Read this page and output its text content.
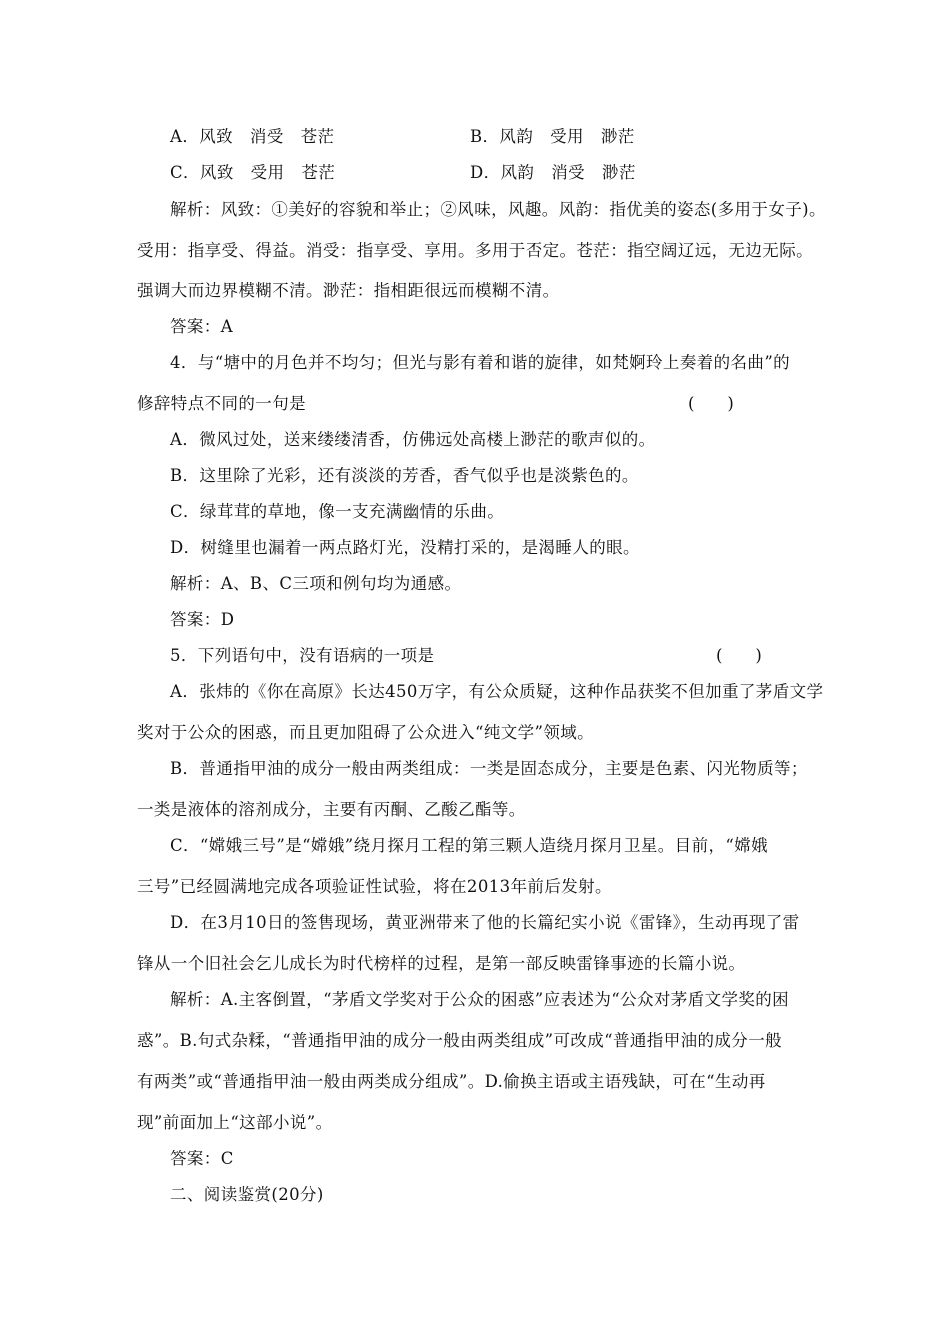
A．风致　消受　苍茫	B．风韵　受用　渺茫
C．风致　受用　苍茫	D．风韵　消受　渺茫
解析：风致：①美好的容貌和举止；②风味，风趣。风韵：指优美的姿态(多用于女子)。
受用：指享受、得益。消受：指享受、享用。多用于否定。苍茫：指空阔辽远，无边无际。
强调大而边界模糊不清。渺茫：指相距很远而模糊不清。
答案：A
4．与“塘中的月色并不均匀；但光与影有着和谐的旋律，如梵婀玲上奏着的名曲”的
修辞特点不同的一句是	(　　)
A．微风过处，送来缕缕清香，仿佛远处高楼上渺茫的歌声似的。
B．这里除了光彩，还有淡淡的芳香，香气似乎也是淡紫色的。
C．绿茸茸的草地，像一支充满幽情的乐曲。
D．树缝里也漏着一两点路灯光，没精打采的，是渴睡人的眼。
解析：A、B、C三项和例句均为通感。
答案：D
5．下列语句中，没有语病的一项是	(　　)
A．张炜的《你在高原》长达450万字，有公众质疑，这种作品获奖不但加重了茅盾文学
奖对于公众的困惑，而且更加阻碍了公众进入“纯文学”领域。
B．普通指甲油的成分一般由两类组成：一类是固态成分，主要是色素、闪光物质等；
一类是液体的溶剂成分，主要有丙酮、乙酸乙酯等。
C．“嫦娥三号”是“嫦娥”绕月探月工程的第三颗人造绕月探月卫星。目前，“嫦娥
三号”已经圆满地完成各项验证性试验，将在2013年前后发射。
D．在3月10日的签售现场，黄亚洲带来了他的长篇纪实小说《雷锋》，生动再现了雷
锋从一个旧社会乞儿成长为时代榜样的过程，是第一部反映雷锋事迹的长篇小说。
解析：A.主客倒置，“茅盾文学奖对于公众的困惑”应表述为“公众对茅盾文学奖的困
惑”。B.句式杂糅，“普通指甲油的成分一般由两类组成”可改成“普通指甲油的成分一般
有两类”或“普通指甲油一般由两类成分组成”。D.偷换主语或主语残缺，可在“生动再
现”前面加上“这部小说”。
答案：C
二、阅读鉴赏(20分)
